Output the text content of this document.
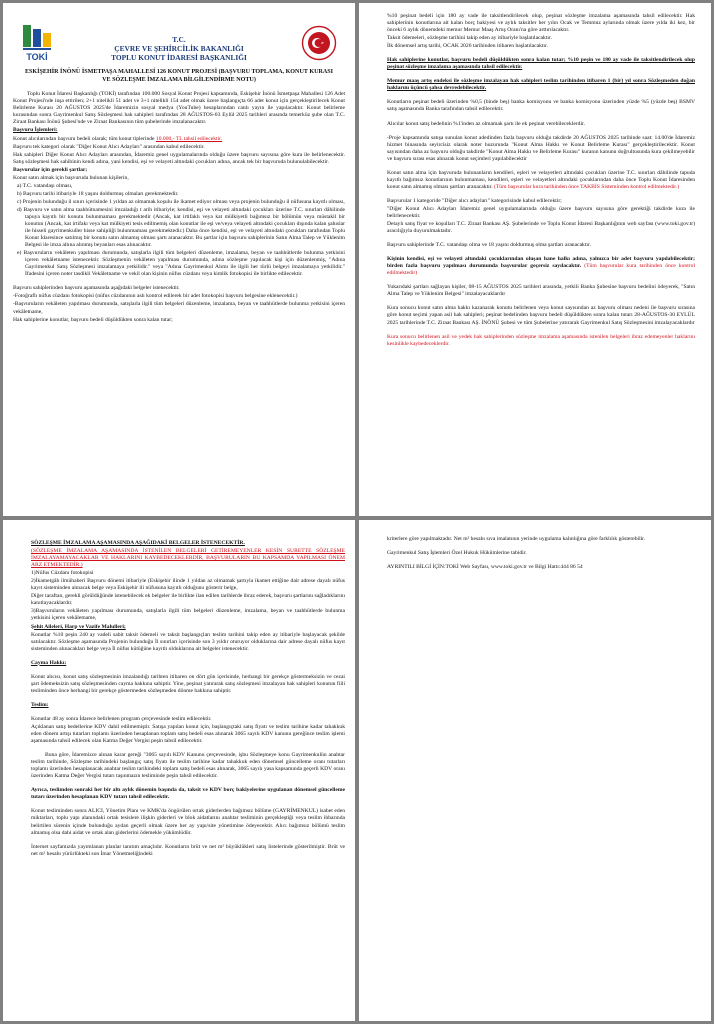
TOKİ
T.C.
ÇEVRE VE ŞEHİRCİLİK BAKANLIĞI
TOPLU KONUT İDARESİ BAŞKANLIĞI
ESKİŞEHİR İNÖNÜ İSMETPAŞA MAHALLESİ 126 KONUT PROJESİ (BAŞVURU TOPLAMA, KONUT KURASI VE SÖZLEŞME İMZALAMA BİLGİLENDİRME NOTU)
Toplu Konut İdaresi Başkanlığı (TOKİ) tarafından 100.000 Sosyal Konut Projesi kapsamında, Eskişehir İnönü İsmetpaşa Mahallesi 126 Adet Konut Projesi'nde inşa ettirilen; 2+1 nitelikli 51 adet ve 3+1 nitelikli 154 adet olmak üzere başlangıçta 66 adet konut için gerçekleştirilecek Konut Belirleme Kurası 20 AĞUSTOS 2025'de İdaremizin sosyal medya (YouTube) hesaplarından canlı yayın ile yapılacaktır. Konut belirleme kurasından sonra Gayrimenkul Satış Sözleşmesi hak sahipleri tarafından 28 AĞUSTOS-03 Eylül 2025 tarihleri arasında temerküz şube olan T.C. Ziraat Bankası İnönü Şubesi'nde ve Ziraat Bankasının tüm şubelerinde imzalanacaktır.
Başvuru İşlemleri:
Konut alıcılarından başvuru bedeli olarak; tüm konut tiplerinde 10.000,- TL tahsil edilecektir.
Başvuru tek kategori olarak "Diğer Konut Alıcı Adayları" arasından kabul edilecektir.
Hak sahipleri Diğer Konut Alıcı Adayları arasından, İdaremiz genel uygulamalarında olduğu üzere başvuru sayısına göre kura ile belirlenecektir. Satış sözleşmesi hak sahibinin kendi adına, yani kendisi, eşi ve velayeti altındaki çocukları adına, ancak tek bir başvuruda bulunulabilecektir.
Başvurular için gerekli şartlar;
Konut satın almak için başvuruda bulunan kişilerin,
a) T.C. vatandaşı olması,
b) Başvuru tarihi itibariyle 18 yaşını doldurmuş olmaları gerekmektedir.
c) Projenin bulunduğu il sınırı içerisinde 1 yıldan az olmamak koşulu ile ikamet ediyor olması veya projenin bulunduğu il nüfusuna kayıtlı olması,
d) Başvuru ve satın alma taahhütnamesini imzaladığı t arih itibariyle; kendisi, eşi ve velayeti altındaki çocukları üzerine T.C. sınırları dâhilinde tapuya kayıtlı bir konutu bulunmaması gerekmektedir (Ancak, kat irtifaklı veya kat mülkiyetli bağımsız bir bölümün veya müstakil bir konutun (Ancak, kat irtifakı veya kat mülkiyeti tesis edilmemiş olan konutlar ile eşi ve/veya velayeti altındaki çocukları dışında kalan şahıslar ile hisseli gayrimenkuller hisse sahipliği bulunmaması gerekmektedir.) Daha önce kendisi, eşi ve velayeti altındaki çocukları tarafından Toplu Konut İdaresince satılmış bir konutu satın almamış olması şartı aranacaktır. Bu şartlar için başvuru sahiplerinin Satın Alma Talep ve Yüklenim Belgesi ile imza altına alınmış beyanları esas alınacaktır.
e) Başvuruların vekâleten yapılması durumunda, satışlarla ilgili tüm belgeleri düzenleme, imzalama, beyan ve taahhütlerde bulunma yetkisini içeren vekâletname istenecektir. Sözleşmenin vekâleten yapılması durumunda, adına sözleşme yapılacak kişi için düzenlenmiş, "Adına Gayrimenkul Satış Sözleşmesi imzalamaya yetkilidir." veya "Adına Gayrimenkul Alımı ile ilgili her türlü belgeyi imzalamaya yetkilidir." İfadesini içeren noter tasdikli Vekâletname ve vekil olan kişinin nüfus cüzdanı veya kimlik fotokopisi ile birlikte edilecektir.
Başvuru sahiplerinden başvuru aşamasında aşağıdaki belgeler istenecektir.
-Fotoğraflı nüfus cüzdanı fotokopisi (nüfus cüzdanının aslı kontrol edilerek bir adet fotokopisi başvuru belgesine eklenecektir.)
-Başvuruların vekâleten yapılması durumunda, satışlarla ilgili tüm belgeleri düzenleme, imzalama, beyan ve taahhütlerde bulunma yetkisini içeren vekâletname,
Hak sahiplerine konutlar, başvuru bedeli düşüldükten sonra kalan tutar;
%10 peşinat bedeli için 180 ay vade ile taksitlendirilecek olup, peşinat sözleşme imzalama aşamasında tahsil edilecektir. Hak sahiplerinin konutlarına ait kalan borç bakiyesi ve aylık taksitler her yılın Ocak ve Temmuz aylarında olmak üzere yılda iki kez, bir önceki 6 aylık dönemdeki memur Memur Maaş Artış Oranı'na göre arttırılacaktır.
Taksit ödemeleri, sözleşme tarihini takip eden ay itibariyle başlatılacaktır.
İlk dönemsel artış tarihi, OCAK 2026 tarihinden itibaren başlatılacaktır.
Hak sahiplerine konutlar, başvuru bedeli düşüldükten sonra kalan tutar; %10 peşin ve 180 ay vade ile taksitlendirilecek olup peşinat sözleşme imzalama aşamasında tahsil edilecektir.
Memur maaş artış endeksi ile sözleşme imzalayan hak sahipleri teslim tarihinden itibaren 1 (bir) yıl sonra Sözleşmeden doğan haklarını üçüncü şahsa devredebilecektir.
Konutların peşinat bedeli üzerinden %0,5 (binde beş) banka komisyonu ve banka komisyonu üzerinden yüzde %5 (yüzde beş) BSMV satış aşamasında Banka tarafından tahsil edilecektir.
Alıcılar konut satış bedelinin %1'inden az olmamak şartı ile ek peşinat verebileceklerdir.
-Proje kapsamında satışa sunulan konut adedinden fazla başvuru olduğu takdirde 20 AĞUSTOS 2025 tarihinde saat: 14.00'de İdaremiz hizmet binasında seyircisiz olarak noter huzurunda "Konut Alma Hakkı ve Konut Belirleme Kurası" gerçekleştirilecektir. Konut sayısından daha az başvuru olduğu takdirde "Konut Alma Hakkı ve Belirleme Kurası" kuranın kanunu doğrultusunda kura çekilmeyebilir ve başvuru sırası esas alınarak konut seçimleri yapılabilecektir
Konut satın alma için başvuruda bulunanların kendileri, eşleri ve velayetleri altındaki çocukları üzerine T.C. sınırları dâhilinde tapuda kayıtlı bağımsız konutlarının bulunmaması, kendileri, eşleri ve velayetleri altındaki çocuklarından daha önce Toplu Konut İdaresinden konut satın almamış olması şartları aranacaktır. (Tüm başvurular kura tarihinden önce TAKBİS Sisteminden kontrol edilmektedir.)
Başvurular 1 kategoride "Diğer alıcı adayları" kategorisinde kabul edilecektir;
"Diğer Konut Alıcı Adayları İdaremiz genel uygulamalarında olduğu üzere başvuru sayısına göre gerektiği takdirde kura ile belirlenecektir.
Detaylı satış fiyat ve koşulları T.C. Ziraat Bankası AŞ. Şubelerinde ve Toplu Konut İdaresi Başkanlığının web sayfası (www.toki.gov.tr) aracılığıyla duyurulmaktadır.
Başvuru sahiplerinde T.C. vatandaşı olma ve 18 yaşını doldurmuş olma şartları aranacaktır.
Kişinin kendisi, eşi ve velayeti altındaki çocuklarından oluşan hane halkı adına, yalnızca bir adet başvuru yapılabilecektir; birden fazla başvuru yapılması durumunda başvurular geçersiz sayılacaktır. (Tüm başvurular kura tarihinden önce kontrol edilmektedir)
Yukarıdaki şartları sağlayan kişiler, 08-15 AĞUSTOS 2025 tarihleri arasında, yetkili Banka Şubesine başvuru bedelini ödeyerek, "Satın Alma Talep ve Yüklenim Belgesi" imzalayacaklardır
Kura sonucu konut satın alma hakkı kazanarak konutu belirlenen veya konut sayısından az başvuru olması nedeni ile başvuru sırasına göre konut seçimi yapan asil hak sahipleri; peşinat bedelinden başvuru bedeli düşüldükten sonra kalan tutarı 28-AĞUSTOS-30 EYLÜL 2025 tarihlerinde T.C. Ziraat Bankası AŞ. İNÖNÜ Şubesi ve tüm Şubelerine yatırarak Gayrimenkul Satış Sözleşmesini imzalayacaklardır
Kura sonucu belirlenen asil ve yedek hak sahiplerinden sözleşme imzalama aşamasında istenilen belgeleri ibraz edemeyenler haklarını kesinlikle kaybedeceklerdir.
SÖZLEŞME İMZALAMA AŞAMASINDA AŞAĞIDAKİ BELGELER İSTENECEKTİR.
(SÖZLEŞME İMZALAMA AŞAMASINDA İSTENİLEN BELGELERİ GETİREMEYENLER KESİN SURETTE SÖZLEŞME İMZALAYAMAYACAKLAR VE HAKLARINI KAYBEDECEKLERDİR, BAŞVURULARIN BU KAPSAMDA YAPILMASI ÖNEM ARZ ETMEKTEDİR.)
1)Nüfus Cüzdanı fotokopisi
2)İkametgâh ilmühaberi Başvuru dönemi itibariyle (Eskişehir ilinde 1 yıldan az olmamak şartıyla ikamet ettiğine dair adrese dayalı nüfus kayıt sisteminden alınacak belge veya Eskişehir ili nüfusuna kayıtlı olduğunu gösterir belge,
Diğer taraftan, gerekli görüldüğünde istenebilecek ek belgeler ile birlikte ilan edilen tarihlerde ibraz ederek, başvuru şartlarını sağladıklarını kanıtlayacaklardır.
3)Başvuruların vekâleten yapılması durumunda, satışlarla ilgili tüm belgeleri düzenleme, imzalama, beyan ve taahhütlerde bulunma yetkisini içeren vekâletname,
Şehit Aileleri, Harp ve Vazife Malulleri;
Konutlar %10 peşin 240 ay vadeli sabit taksit ödemeli ve taksit başlangıçları teslim tarihini takip eden ay itibariyle başlayacak şekilde satılacaktır. Sözleşme aşamasında Projenin bulunduğu İl sınırları içerisinde son 3 yıldır oturuyor olduklarına dair adrese dayalı nüfus kayıt sisteminden alınacakları belge veya İl nüfus kütüğüne kayıtlı olduklarına ait belgeler istenecektir.
Cayma Hakkı:
Konut alıcısı, konut satış sözleşmesinin imzalandığı tarihten itibaren on dört gün içerisinde, herhangi bir gerekçe göstermeksizin ve cezai şart ödemeksizin satış sözleşmesinden cayma hakkına sahiptir. Yine, peşinat yatırarak satış sözleşmesi imzalayan hak sahipleri konutun fiili tesliminden önce herhangi bir gerekçe göstermeden sözleşmeden dönme hakkına sahiptir.
Teslim:
Konutlar 48 ay sonra İdarece belirlenen program çerçevesinde teslim edilecektir.
Açıklanan satış bedellerine KDV dahil edilmemiştir. Satışa yapılan konut için, başlangıçtaki satış fiyatı ve teslim tarihine kadar tahakkuk eden dönem artışı tutarları toplamı üzerinden hesaplanan toplam satış bedeli esas alınarak 3065 sayılı KDV kanunu gereğince teslim işlemi aşamasında tahsil edilecek olan Katma Değer Vergisi peşin tahsil edilecektir.
Buna göre, İdaremizce alınan karar gereği "3065 sayılı KDV Kanunu çerçevesinde, işbu Sözleşmeye konu Gayrimenkulün anahtar teslim tarihinde, Sözleşme tarihindeki başlangıç satış fiyatı ile teslim tarihine kadar tahakkuk eden dönemsel güncelleme oranı tutarları toplamı üzerinden hesaplanacak anahtar teslim tarihindeki toplam satış bedeli esas alınarak, 3065 sayılı yasa kapsamında geçerli KDV oranı üzerinden Katma Değer Vergisi tutarı taşınmazın tesliminde peşin tahsil edilecektir.
Ayrıca, teslimden sonraki her bir altı aylık dönemin başında da, taksit ve KDV borç bakiyelerine uygulanan dönemsel güncelleme tutarı üzerinden hesaplanan KDV tutarı tahsil edilecektir.
Konut tesliminden sonra ALICI, Yönetim Planı ve KMK'da öngörülen ortak giderlerden bağımsız bölüme (GAYRİMENKUL) isabet eden miktarları, toplu yapı alanındaki ortak tesislere ilişkin giderleri ve blok aidatlarını anahtar tesliminin gerçekleştiği veya teslim ihbarında belirtilen sürenin içinde bulunduğu aydan geçerli olmak üzere her ay yapı/site yönetimine ödeyecektir. Alıcı bağımsız bölümü teslim almamış olsa dahi aidat ve ortak alan giderlerini ödemekle yükümlüdür.
İnternet sayfamızda yayımlanan planlar tanıtım amaçlıdır. Konutların brüt ve net m² büyüklükleri satış listelerinde gösterilmiştir. Brüt ve net m² hesabı yürürlükteki son İmar Yönetmeliğindeki
kriterlere göre yapılmaktadır. Net m² hesabı sıva imalatının yerinde uygulama kalınlığına göre farklılık gösterebilir.
Gayrimenkul Satış İşlemleri Özel Hukuk Hükümlerine tabidir.
AYRINTILI BİLGİ İÇİN:TOKİ Web Sayfası, www.toki.gov.tr ve Bilgi Hattı:444 86 54
